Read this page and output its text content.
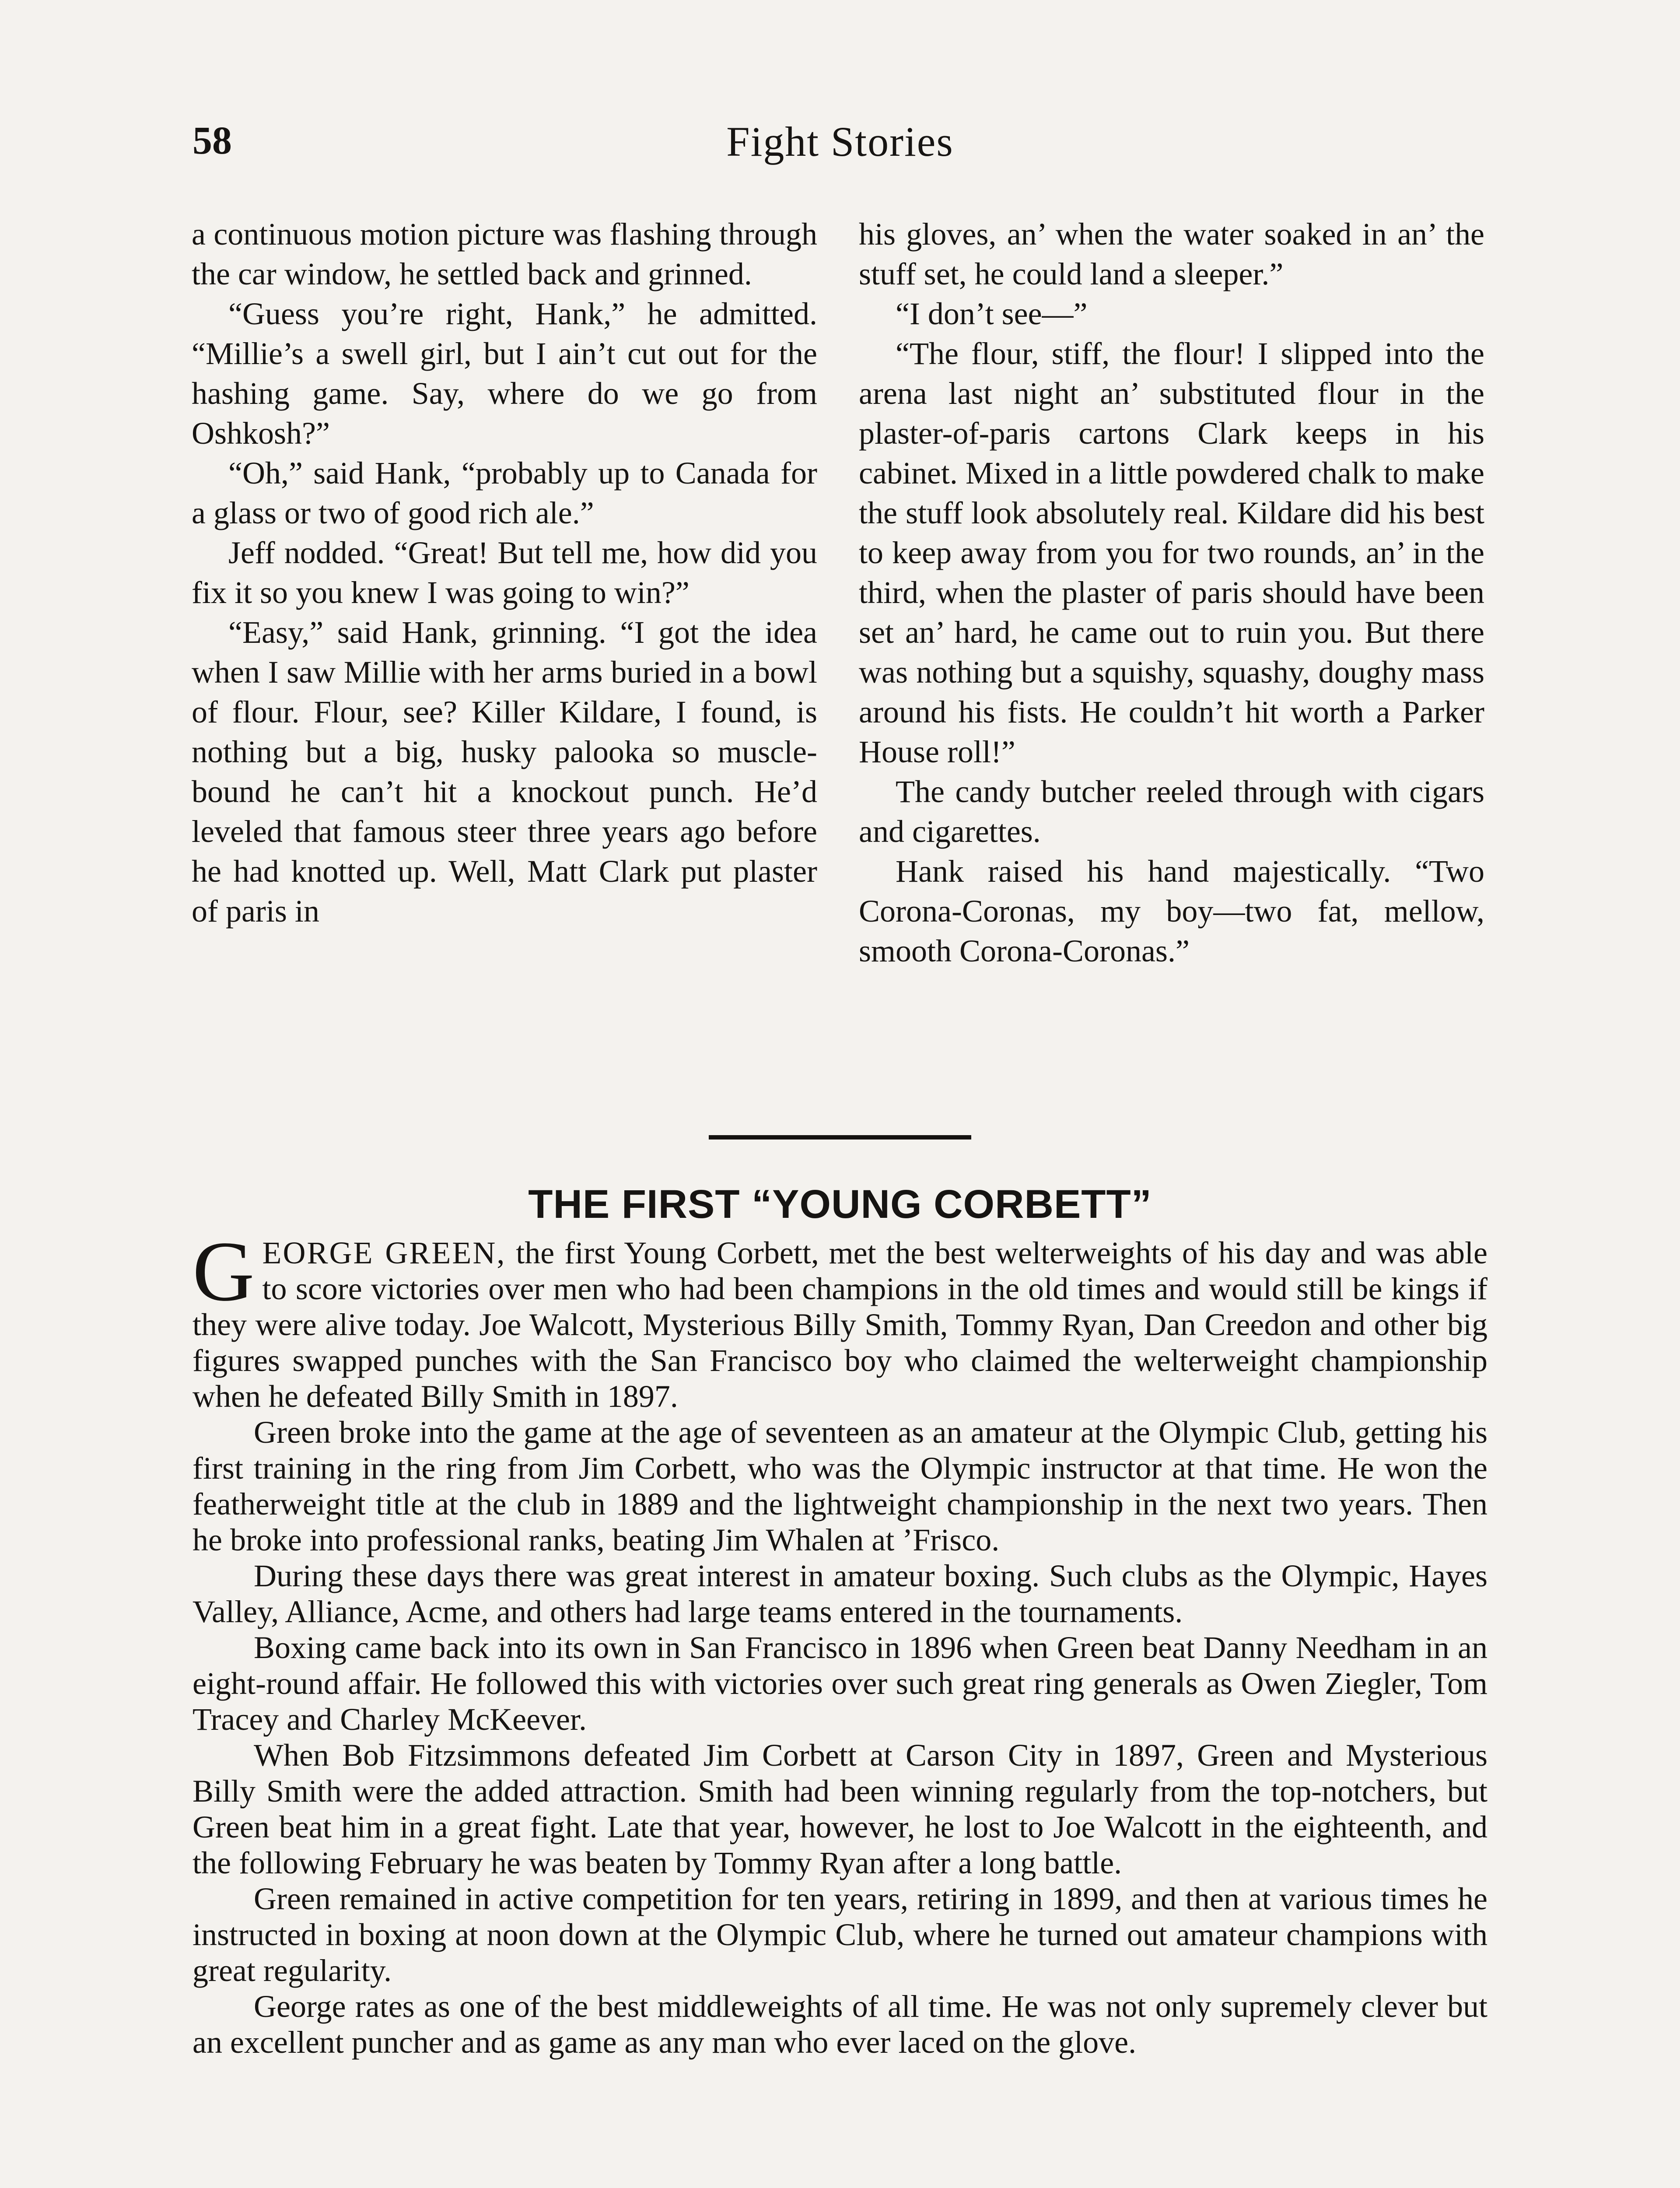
58	Fight Stories

a continuous motion picture was flashing through the car window, he settled back and grinned.

“Guess you’re right, Hank,” he admitted. “Millie’s a swell girl, but I ain’t cut out for the hashing game. Say, where do we go from Oshkosh?”

“Oh,” said Hank, “probably up to Canada for a glass or two of good rich ale.”

Jeff nodded. “Great! But tell me, how did you fix it so you knew I was going to win?”

“Easy,” said Hank, grinning. “I got the idea when I saw Millie with her arms buried in a bowl of flour. Flour, see? Killer Kildare, I found, is nothing but a big, husky palooka so muscle-bound he can’t hit a knockout punch. He’d leveled that famous steer three years ago before he had knotted up. Well, Matt Clark put plaster of paris in

his gloves, an’ when the water soaked in an’ the stuff set, he could land a sleeper.”

“I don’t see—”

“The flour, stiff, the flour! I slipped into the arena last night an’ substituted flour in the plaster-of-paris cartons Clark keeps in his cabinet. Mixed in a little powdered chalk to make the stuff look absolutely real. Kildare did his best to keep away from you for two rounds, an’ in the third, when the plaster of paris should have been set an’ hard, he came out to ruin you. But there was nothing but a squishy, squashy, doughy mass around his fists. He couldn’t hit worth a Parker House roll!”

The candy butcher reeled through with cigars and cigarettes.

Hank raised his hand majestically. “Two Corona-Coronas, my boy—two fat, mellow, smooth Corona-Coronas.”

THE FIRST “YOUNG CORBETT”

GEORGE GREEN, the first Young Corbett, met the best welterweights of his day and was able to score victories over men who had been champions in the old times and would still be kings if they were alive today. Joe Walcott, Mysterious Billy Smith, Tommy Ryan, Dan Creedon and other big figures swapped punches with the San Francisco boy who claimed the welterweight championship when he defeated Billy Smith in 1897.

Green broke into the game at the age of seventeen as an amateur at the Olympic Club, getting his first training in the ring from Jim Corbett, who was the Olympic instructor at that time. He won the featherweight title at the club in 1889 and the lightweight championship in the next two years. Then he broke into professional ranks, beating Jim Whalen at ’Frisco.

During these days there was great interest in amateur boxing. Such clubs as the Olympic, Hayes Valley, Alliance, Acme, and others had large teams entered in the tournaments.

Boxing came back into its own in San Francisco in 1896 when Green beat Danny Needham in an eight-round affair. He followed this with victories over such great ring generals as Owen Ziegler, Tom Tracey and Charley McKeever.

When Bob Fitzsimmons defeated Jim Corbett at Carson City in 1897, Green and Mysterious Billy Smith were the added attraction. Smith had been winning regularly from the top-notchers, but Green beat him in a great fight. Late that year, however, he lost to Joe Walcott in the eighteenth, and the following February he was beaten by Tommy Ryan after a long battle.

Green remained in active competition for ten years, retiring in 1899, and then at various times he instructed in boxing at noon down at the Olympic Club, where he turned out amateur champions with great regularity.

George rates as one of the best middleweights of all time. He was not only supremely clever but an excellent puncher and as game as any man who ever laced on the glove.
